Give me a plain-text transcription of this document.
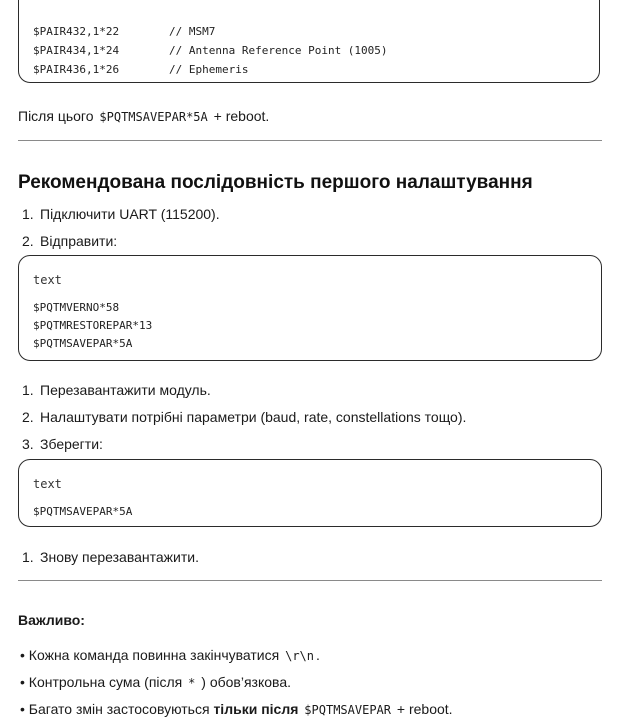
$PAIR432,1*22	// MSM7
$PAIR434,1*24	// Antenna Reference Point (1005)
$PAIR436,1*26	// Ephemeris
Після цього $PQTMSAVEPAR*5A + reboot.
Рекомендована послідовність першого налаштування
1. Підключити UART (115200).
2. Відправити:
text
$PQTMVERNO*58
$PQTMRESTOREPAR*13
$PQTMSAVEPAR*5A
1. Перезавантажити модуль.
2. Налаштувати потрібні параметри (baud, rate, constellations тощо).
3. Зберегти:
text
$PQTMSAVEPAR*5A
1. Знову перезавантажити.
Важливо:
• Кожна команда повинна закінчуватися \r\n .
• Контрольна сума (після * ) обов’язкова.
• Багато змін застосовуються тільки після $PQTMSAVEPAR + reboot.
